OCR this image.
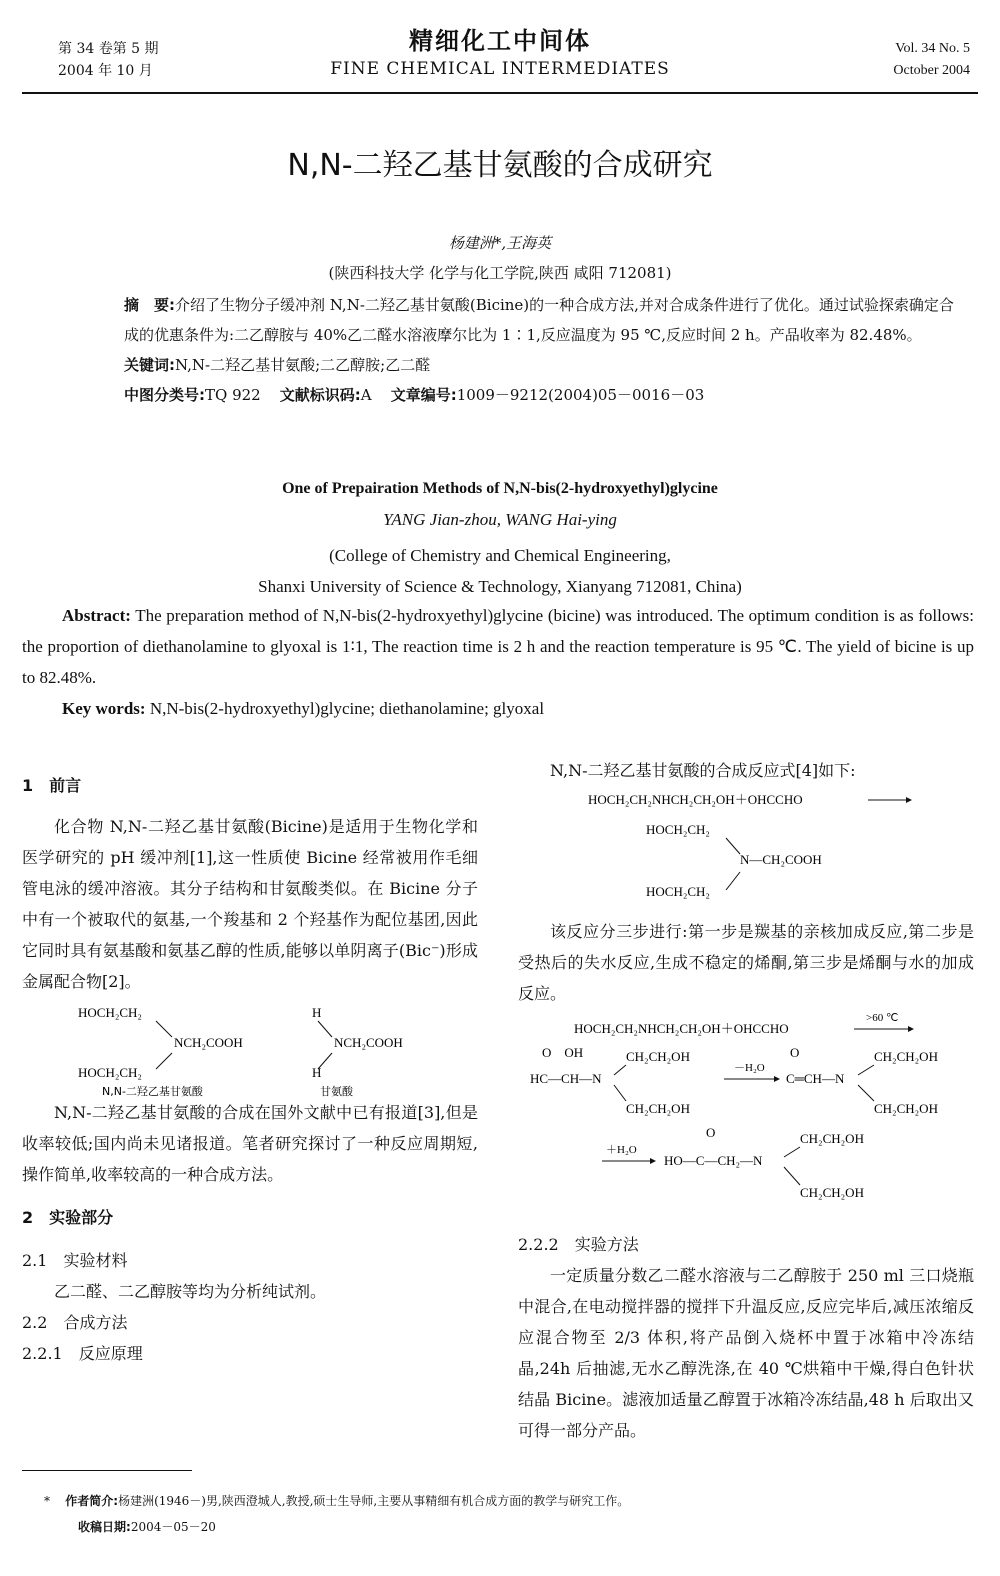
第 34 卷第 5 期
2004 年 10 月
精细化工中间体
FINE CHEMICAL INTERMEDIATES
Vol. 34 No. 5
October 2004
N,N-二羟乙基甘氨酸的合成研究
杨建洲*,王海英
(陕西科技大学 化学与化工学院,陕西 咸阳 712081)
摘　要:介绍了生物分子缓冲剂 N,N-二羟乙基甘氨酸(Bicine)的一种合成方法,并对合成条件进行了优化。通过试验探索确定合成的优惠条件为:二乙醇胺与 40%乙二醛水溶液摩尔比为 1∶1,反应温度为 95 ℃,反应时间 2 h。产品收率为 82.48%。
关键词:N,N-二羟乙基甘氨酸;二乙醇胺;乙二醛
中图分类号:TQ 922 文献标识码:A 文章编号:1009－9212(2004)05－0016－03
One of Prepairation Methods of N,N-bis(2-hydroxyethyl)glycine
YANG Jian-zhou, WANG Hai-ying
(College of Chemistry and Chemical Engineering,
Shanxi University of Science & Technology, Xianyang 712081, China)
Abstract: The preparation method of N,N-bis(2-hydroxyethyl)glycine (bicine) was introduced. The optimum condition is as follows: the proportion of diethanolamine to glyoxal is 1∶1, The reaction time is 2 h and the reaction temperature is 95 ℃. The yield of bicine is up to 82.48%.
Key words: N,N-bis(2-hydroxyethyl)glycine; diethanolamine; glyoxal

1　前言

化合物 N,N-二羟乙基甘氨酸(Bicine)是适用于生物化学和医学研究的 pH 缓冲剂[1],这一性质使 Bicine 经常被用作毛细管电泳的缓冲溶液。其分子结构和甘氨酸类似。在 Bicine 分子中有一个被取代的氨基,一个羧基和 2 个羟基作为配位基团,因此它同时具有氨基酸和氨基乙醇的性质,能够以单阴离子(Bic⁻)形成金属配合物[2]。

HOCH₂CH₂
NCH₂COOH
HOCH₂CH₂
N,N-二羟乙基甘氨酸
H
NCH₂COOH
H
甘氨酸

N,N-二羟乙基甘氨酸的合成在国外文献中已有报道[3],但是收率较低;国内尚未见诸报道。笔者研究探讨了一种反应周期短,操作简单,收率较高的一种合成方法。

2　实验部分

2.1　实验材料

乙二醛、二乙醇胺等均为分析纯试剂。

2.2　合成方法

2.2.1　反应原理

N,N-二羟乙基甘氨酸的合成反应式[4]如下:

HOCH₂CH₂NHCH₂CH₂OH＋OHCCHO
HOCH₂CH₂
N—CH₂COOH
HOCH₂CH₂

该反应分三步进行:第一步是羰基的亲核加成反应,第二步是受热后的失水反应,生成不稳定的烯酮,第三步是烯酮与水的加成反应。

HOCH₂CH₂NHCH₂CH₂OH＋OHCCHO
>60 ℃
O　OH
HC—CH—N
CH₂CH₂OH
CH₂CH₂OH
－H₂O
O
C═CH—N
CH₂CH₂OH
CH₂CH₂OH
＋H₂O
O
HO—C—CH₂—N
CH₂CH₂OH
CH₂CH₂OH

2.2.2　实验方法

一定质量分数乙二醛水溶液与二乙醇胺于 250 ml 三口烧瓶中混合,在电动搅拌器的搅拌下升温反应,反应完毕后,减压浓缩反应混合物至 2/3 体积,将产品倒入烧杯中置于冰箱中冷冻结晶,24h 后抽滤,无水乙醇洗涤,在 40 ℃烘箱中干燥,得白色针状结晶 Bicine。滤液加适量乙醇置于冰箱冷冻结晶,48 h 后取出又可得一部分产品。

* 作者简介:杨建洲(1946－)男,陕西澄城人,教授,硕士生导师,主要从事精细有机合成方面的教学与研究工作。
收稿日期:2004－05－20
